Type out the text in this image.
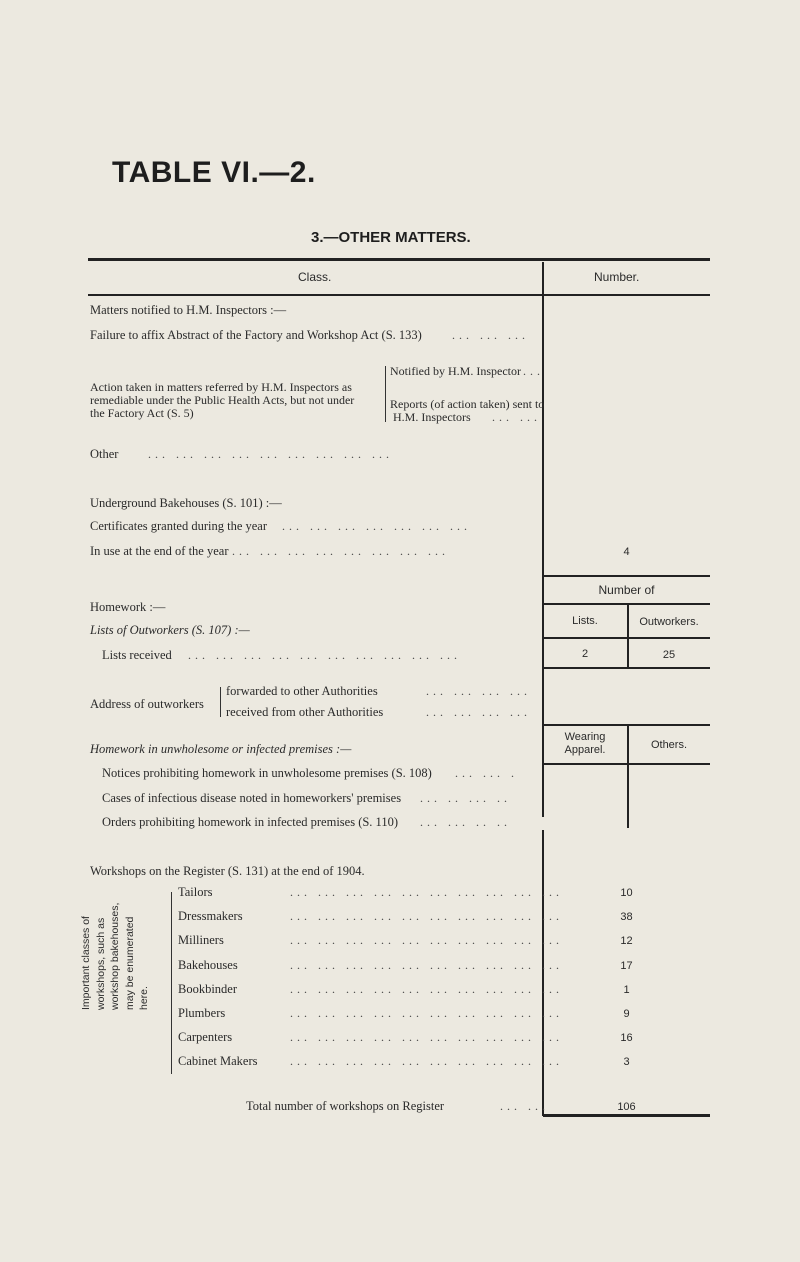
TABLE VI.—2.
3.—OTHER MATTERS.
Class.	Number.
Matters notified to H.M. Inspectors :—
Failure to affix Abstract of the Factory and Workshop Act (S. 133)	... ... ...
Action taken in matters referred by H.M. Inspectors as
remediable under the Public Health Acts, but not under
the Factory Act (S. 5)
Notified by H.M. Inspector ...
Reports (of action taken) sent to
H.M. Inspectors ... ...
Other ... ... ... ... ... ... ... ... ...
Underground Bakehouses (S. 101) :—
Certificates granted during the year ... ... ... ... ... ... ...
In use at the end of the year ... ... ... ... ... ... ... ...	4
Number of
Lists.	Outworkers.
2	25
Homework :—
Lists of Outworkers (S. 107) :—
Lists received ... ... ... ... ... ... ... ... ... ...
Address of outworkers
forwarded to other Authorities	... ... ... ...
received from other Authorities	... ... ... ...
Wearing
Apparel.	Others.
Homework in unwholesome or infected premises :—
Notices prohibiting homework in unwholesome premises (S. 108) ... ... .
Cases of infectious disease noted in homeworkers' premises ... .. ... ..
Orders prohibiting homework in infected premises (S. 110) ... ... .. ..
Workshops on the Register (S. 131) at the end of 1904.
Important classes of workshops, such as workshop bakehouses, may be enumerated here.
Tailors	... ... ... ... ... ... ... ... ... ...	10
Dressmakers	... ... ... ... ... ... ... ... ... ...	38
Milliners	... ... ... ... ... ... ... ... ... ...	12
Bakehouses	... ... ... ... ... ... ... ... ... ...	17
Bookbinder	... ... ... ... ... ... ... ... ... ...	1
Plumbers	... ... ... ... ... ... ... ... ... ...	9
Carpenters	... ... ... ... ... ... ... ... ... ...	16
Cabinet Makers	... ... ... ... ... ... ... ... ... ...	3
Total number of workshops on Register	... ...	106
